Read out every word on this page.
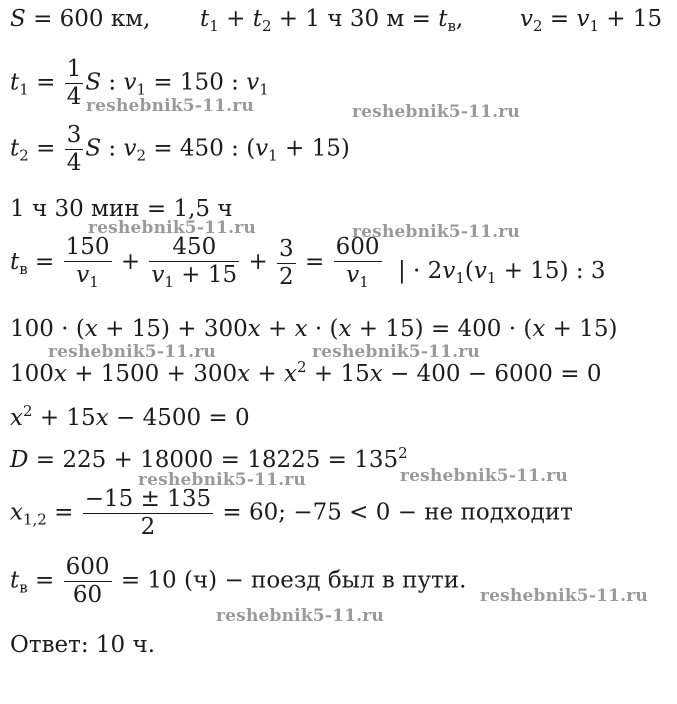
S = 600 км, $t_1 + t_2 + 1$ ч 30 $м = t_в$, $v_2 = v_1 + 15$
$t_1 = \frac{1}{4}$ S : $v_1 = 150$ : $v_1$
$t_2 = \frac{3}{4}$ S : $v_2 = 450$ : $(v_1 + 15)$
1 ч 30 мин = 1,5 ч
$t_в = \frac{150}{v_1} + \frac{450}{v_1 + 15} + \frac{3}{2} = \frac{600}{v_1}$ | · $2v_1(v_1 + 15)$ : 3
100 · (x + 15) + 300x + x · (x + 15) = 400 · (x + 15)
$100x + 1500 + 300x + x^2 + 15x - 400 - 6000 = 0$
$x^2 + 15x - 4500 = 0$
$D = 225 + 18000 = 18225 = 135^2$
$x_{1,2} = \frac{-15 \pm 135}{2} = 60$; −75 < 0 − не подходит
$t_в = \frac{600}{60} = 10$ (ч) − поезд был в пути.
Ответ: 10 ч.
reshebnik5-11.ru	reshebnik5-11.ru
reshebnik5-11.ru	reshebnik5-11.ru
reshebnik5-11.ru	reshebnik5-11.ru
reshebnik5-11.ru	reshebnik5-11.ru
reshebnik5-11.ru
reshebnik5-11.ru
